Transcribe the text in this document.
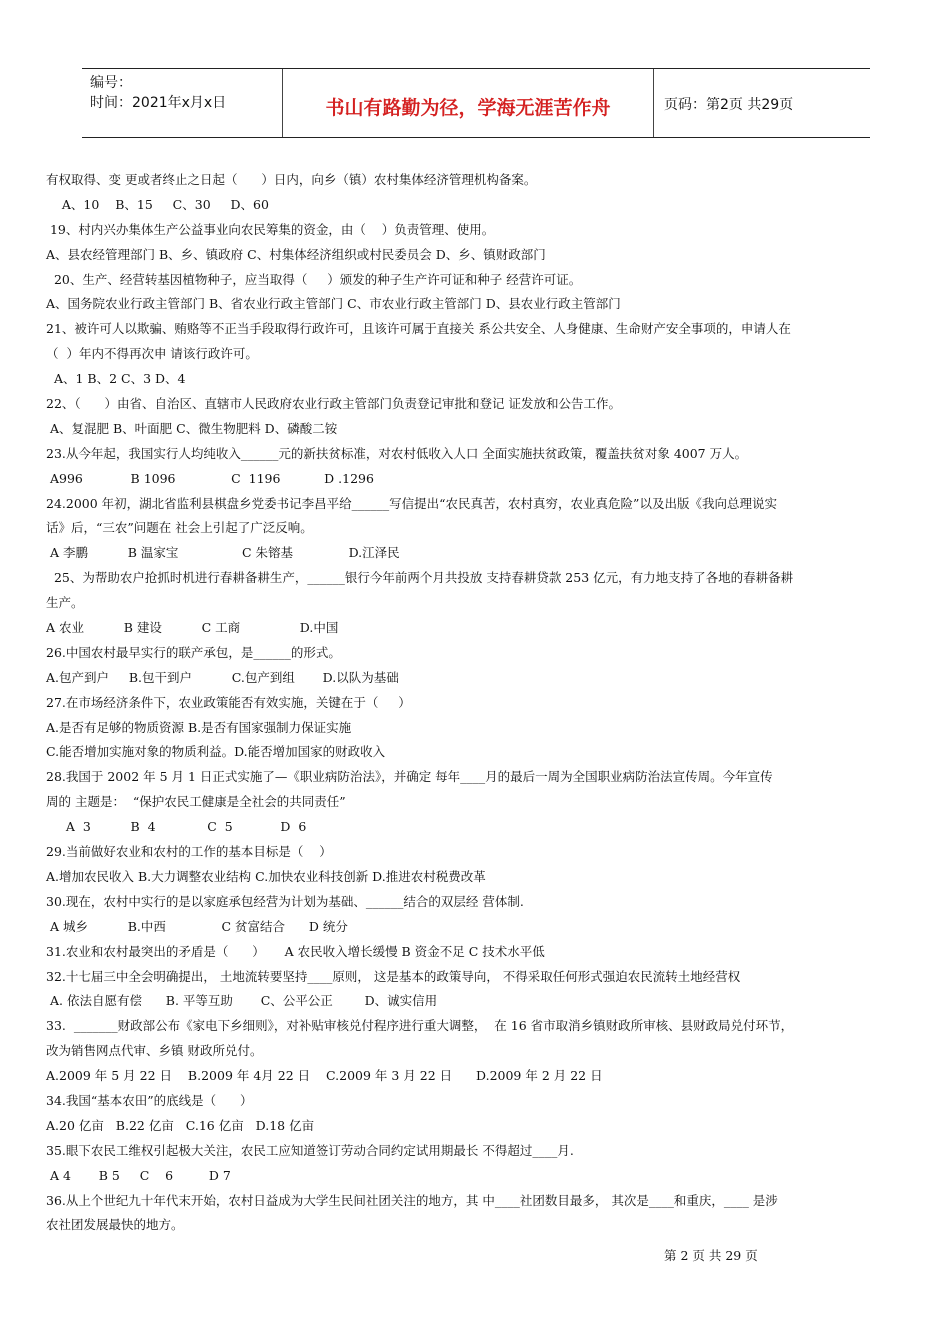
编号：
时间：2021年x月x日	书山有路勤为径，学海无涯苦作舟	页码：第2页 共29页
有权取得、变 更或者终止之日起（      ）日内，向乡（镇）农村集体经济管理机构备案。
A、10    B、15     C、30     D、60
19、村内兴办集体生产公益事业向农民筹集的资金，由（    ）负责管理、使用。
A、县农经管理部门 B、乡、镇政府 C、村集体经济组织或村民委员会 D、乡、镇财政部门
20、生产、经营转基因植物种子，应当取得（     ）颁发的种子生产许可证和种子 经营许可证。
A、国务院农业行政主管部门 B、省农业行政主管部门 C、市农业行政主管部门 D、县农业行政主管部门
21、被许可人以欺骗、贿赂等不正当手段取得行政许可，且该许可属于直接关 系公共安全、人身健康、生命财产安全事项的，申请人在
（  ）年内不得再次申 请该行政许可。
A、1 B、2 C、3 D、4
22、（      ）由省、自治区、直辖市人民政府农业行政主管部门负责登记审批和登记 证发放和公告工作。
A、复混肥 B、叶面肥 C、微生物肥料 D、磷酸二铵
23.从今年起，我国实行人均纯收入______元的新扶贫标准，对农村低收入人口 全面实施扶贫政策，覆盖扶贫对象 4007 万人。
A996            B 1096              C  1196           D .1296
24.2000 年初，湖北省监利县棋盘乡党委书记李昌平给______写信提出“农民真苦，农村真穷，农业真危险”以及出版《我向总理说实
话》后，“三农”问题在 社会上引起了广泛反响。
A 李鹏          B 温家宝                C 朱镕基              D.江泽民
25、为帮助农户抢抓时机进行春耕备耕生产，______银行今年前两个月共投放 支持春耕贷款 253 亿元，有力地支持了各地的春耕备耕
生产。
A 农业          B 建设          C 工商               D.中国
26.中国农村最早实行的联产承包，是______的形式。
A.包产到户     B.包干到户          C.包产到组       D.以队为基础
27.在市场经济条件下，农业政策能否有效实施，关键在于（     ）
A.是否有足够的物质资源 B.是否有国家强制力保证实施
C.能否增加实施对象的物质利益。D.能否增加国家的财政收入
28.我国于 2002 年 5 月 1 日正式实施了—《职业病防治法》，并确定 每年____月的最后一周为全国职业病防治法宣传周。今年宣传
周的 主题是：  “保护农民工健康是全社会的共同责任”
A  3          B  4             C  5            D  6
29.当前做好农业和农村的工作的基本目标是（    ）
A.增加农民收入 B.大力调整农业结构 C.加快农业科技创新 D.推进农村税费改革
30.现在，农村中实行的是以家庭承包经营为计划为基础、______结合的双层经 营体制.
A 城乡          B.中西              C 贫富结合      D 统分
31.农业和农村最突出的矛盾是（      ）     A 农民收入增长缓慢 B 资金不足 C 技术水平低
32.十七届三中全会明确提出， 土地流转要坚持____原则， 这是基本的政策导向， 不得采取任何形式强迫农民流转土地经营权
A. 依法自愿有偿      B. 平等互助       C、公平公正        D、诚实信用
33.  _______财政部公布《家电下乡细则》，对补贴审核兑付程序进行重大调整，  在 16 省市取消乡镇财政所审核、县财政局兑付环节，
改为销售网点代审、乡镇 财政所兑付。
A.2009 年 5 月 22 日    B.2009 年 4月 22 日    C.2009 年 3 月 22 日      D.2009 年 2 月 22 日
34.我国“基本农田”的底线是（      ）
A.20 亿亩   B.22 亿亩   C.16 亿亩   D.18 亿亩
35.眼下农民工维权引起极大关注，农民工应知道签订劳动合同约定试用期最长 不得超过____月.
A 4       B 5     C    6         D 7
36.从上个世纪九十年代末开始，农村日益成为大学生民间社团关注的地方，其 中____社团数目最多， 其次是____和重庆，____ 是涉
农社团发展最快的地方。
第 2 页 共 29 页
